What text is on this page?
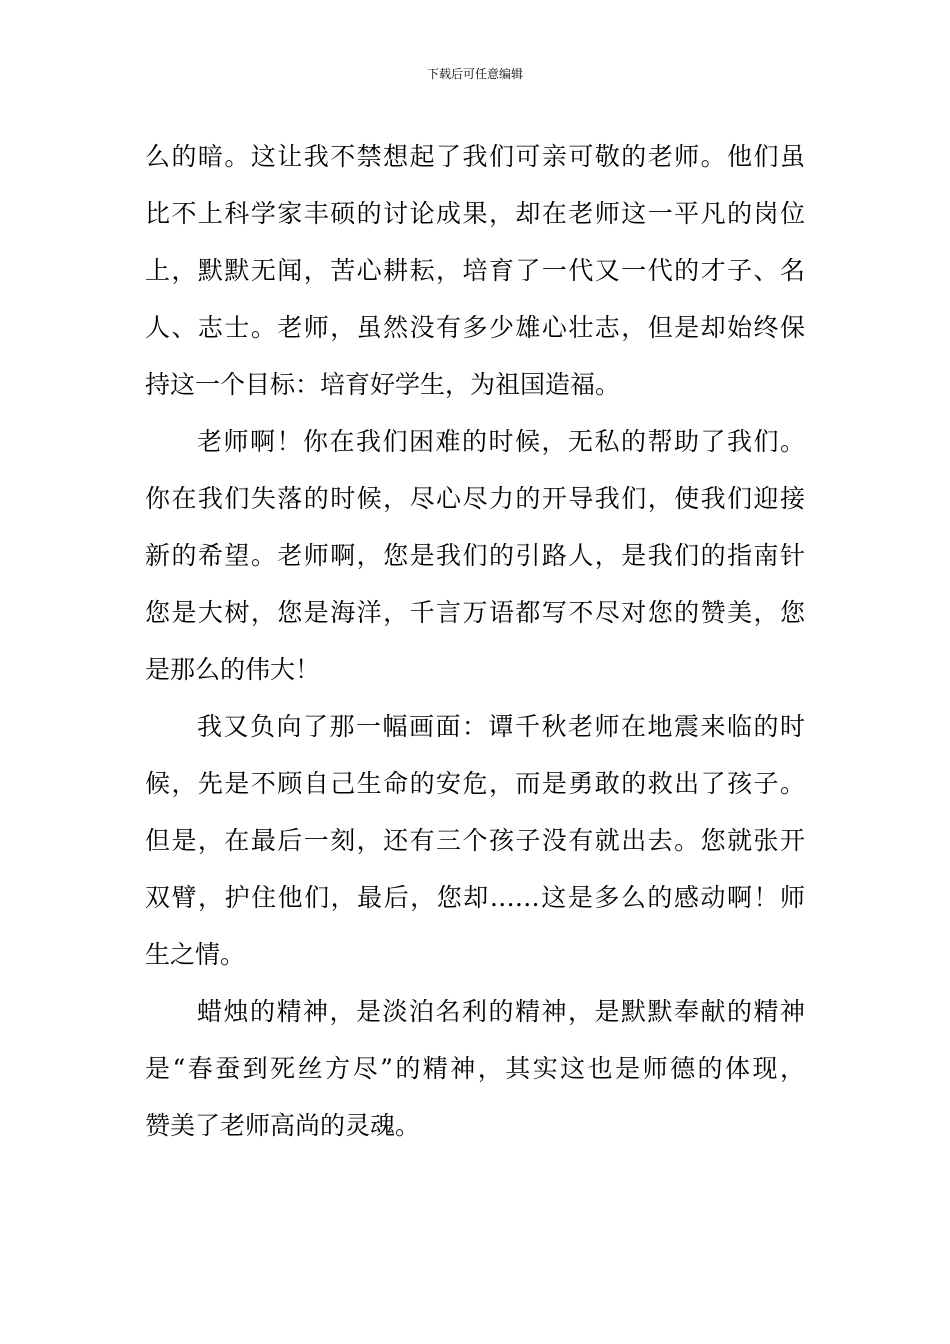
下载后可任意编辑
么的暗。这让我不禁想起了我们可亲可敬的老师。他们虽
比不上科学家丰硕的讨论成果，却在老师这一平凡的岗位
上，默默无闻，苦心耕耘，培育了一代又一代的才子、名
人、志士。老师，虽然没有多少雄心壮志，但是却始终保
持这一个目标：培育好学生，为祖国造福。
老师啊！你在我们困难的时候，无私的帮助了我们。
你在我们失落的时候，尽心尽力的开导我们，使我们迎接
新的希望。老师啊，您是我们的引路人，是我们的指南针
您是大树，您是海洋，千言万语都写不尽对您的赞美，您
是那么的伟大！
我又负向了那一幅画面：谭千秋老师在地震来临的时
候，先是不顾自己生命的安危，而是勇敢的救出了孩子。
但是，在最后一刻，还有三个孩子没有就出去。您就张开
双臂，护住他们，最后，您却……这是多么的感动啊！师
生之情。
蜡烛的精神，是淡泊名利的精神，是默默奉献的精神
是“春蚕到死丝方尽”的精神，其实这也是师德的体现，
赞美了老师高尚的灵魂。
